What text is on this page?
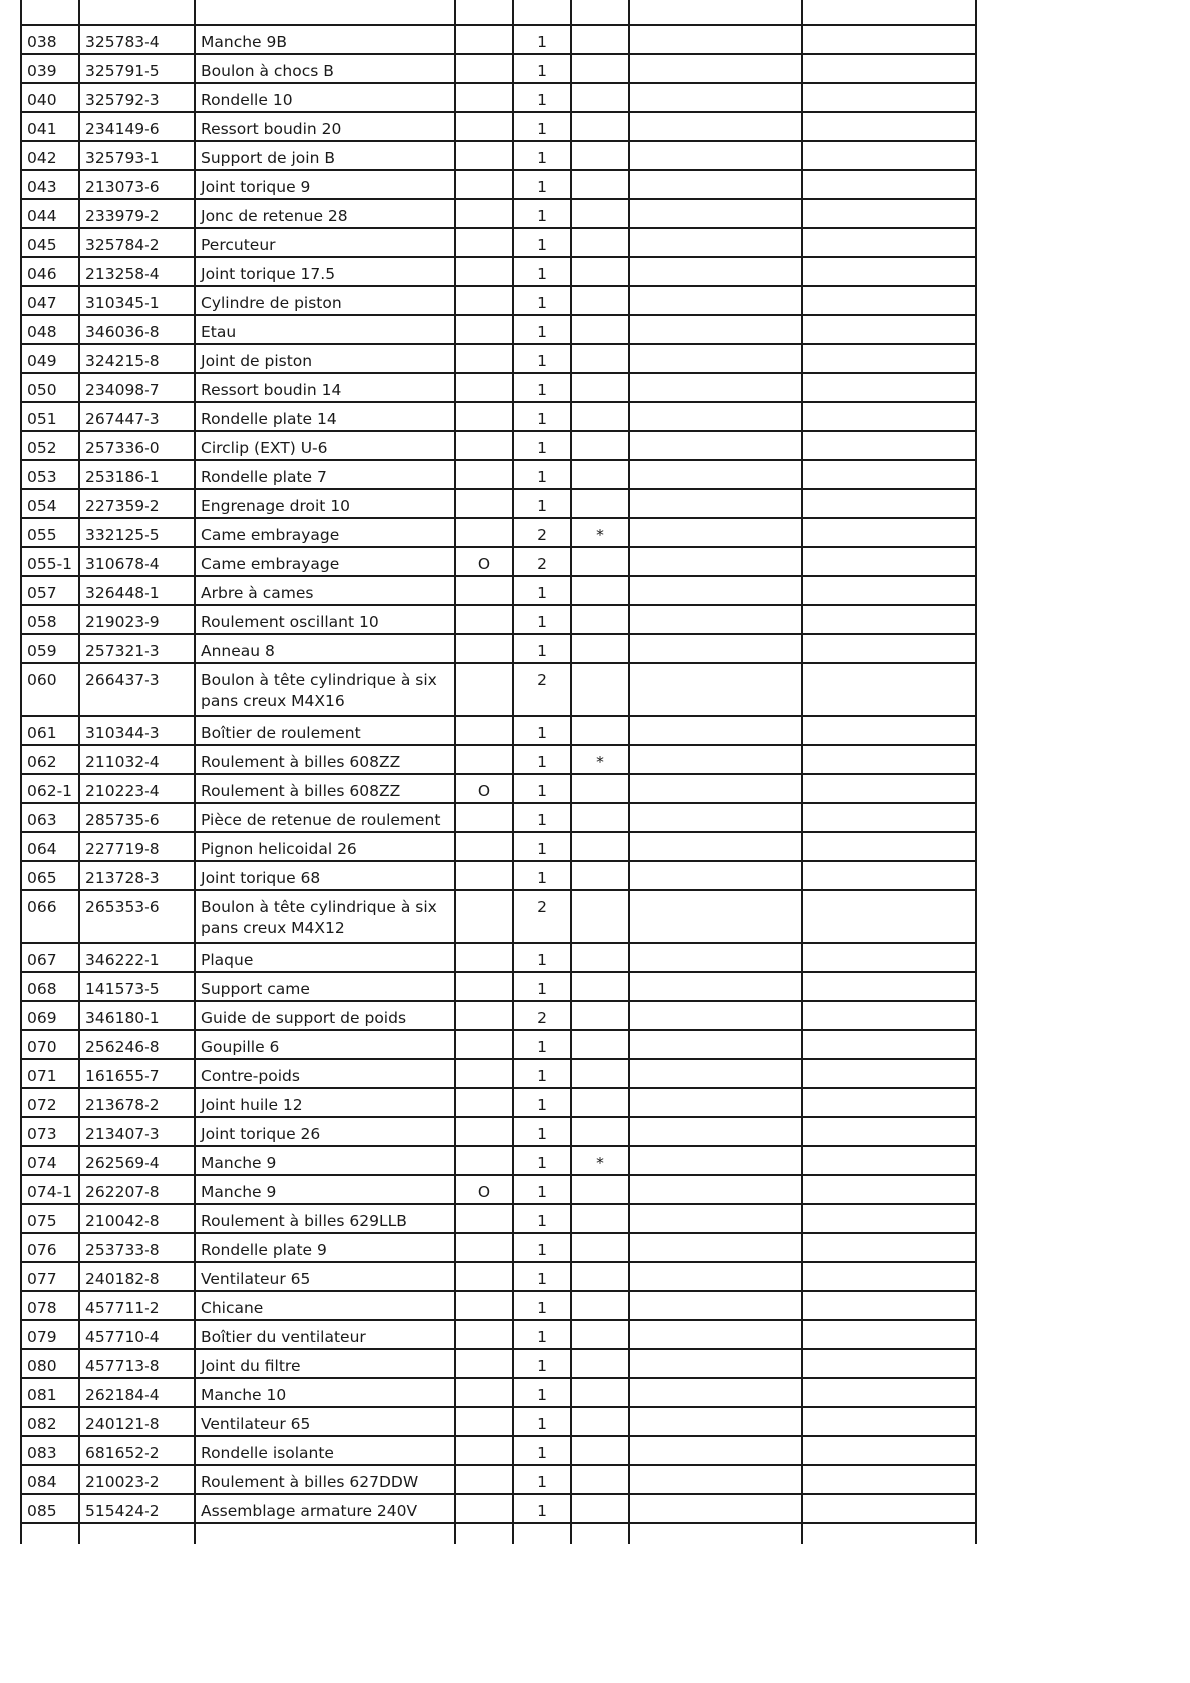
038	325783-4	Manche 9B		1			
039	325791-5	Boulon à chocs B		1			
040	325792-3	Rondelle 10		1			
041	234149-6	Ressort boudin 20		1			
042	325793-1	Support de join B		1			
043	213073-6	Joint torique 9		1			
044	233979-2	Jonc de retenue 28		1			
045	325784-2	Percuteur		1			
046	213258-4	Joint torique 17.5		1			
047	310345-1	Cylindre de piston		1			
048	346036-8	Etau		1			
049	324215-8	Joint de piston		1			
050	234098-7	Ressort boudin 14		1			
051	267447-3	Rondelle plate 14		1			
052	257336-0	Circlip (EXT) U-6		1			
053	253186-1	Rondelle plate 7		1			
054	227359-2	Engrenage droit 10		1			
055	332125-5	Came embrayage		2	*		
055-1	310678-4	Came embrayage	O	2			
057	326448-1	Arbre à cames		1			
058	219023-9	Roulement oscillant 10		1			
059	257321-3	Anneau 8		1			
060	266437-3	Boulon à tête cylindrique à six pans creux M4X16		2			
061	310344-3	Boîtier de roulement		1			
062	211032-4	Roulement à billes 608ZZ		1	*		
062-1	210223-4	Roulement à billes 608ZZ	O	1			
063	285735-6	Pièce de retenue de roulement		1			
064	227719-8	Pignon helicoidal 26		1			
065	213728-3	Joint torique 68		1			
066	265353-6	Boulon à tête cylindrique à six pans creux M4X12		2			
067	346222-1	Plaque		1			
068	141573-5	Support came		1			
069	346180-1	Guide de support de poids		2			
070	256246-8	Goupille 6		1			
071	161655-7	Contre-poids		1			
072	213678-2	Joint huile 12		1			
073	213407-3	Joint torique 26		1			
074	262569-4	Manche 9		1	*		
074-1	262207-8	Manche 9	O	1			
075	210042-8	Roulement à billes 629LLB		1			
076	253733-8	Rondelle plate 9		1			
077	240182-8	Ventilateur 65		1			
078	457711-2	Chicane		1			
079	457710-4	Boîtier du ventilateur		1			
080	457713-8	Joint du filtre		1			
081	262184-4	Manche 10		1			
082	240121-8	Ventilateur 65		1			
083	681652-2	Rondelle isolante		1			
084	210023-2	Roulement à billes 627DDW		1			
085	515424-2	Assemblage armature 240V		1			
